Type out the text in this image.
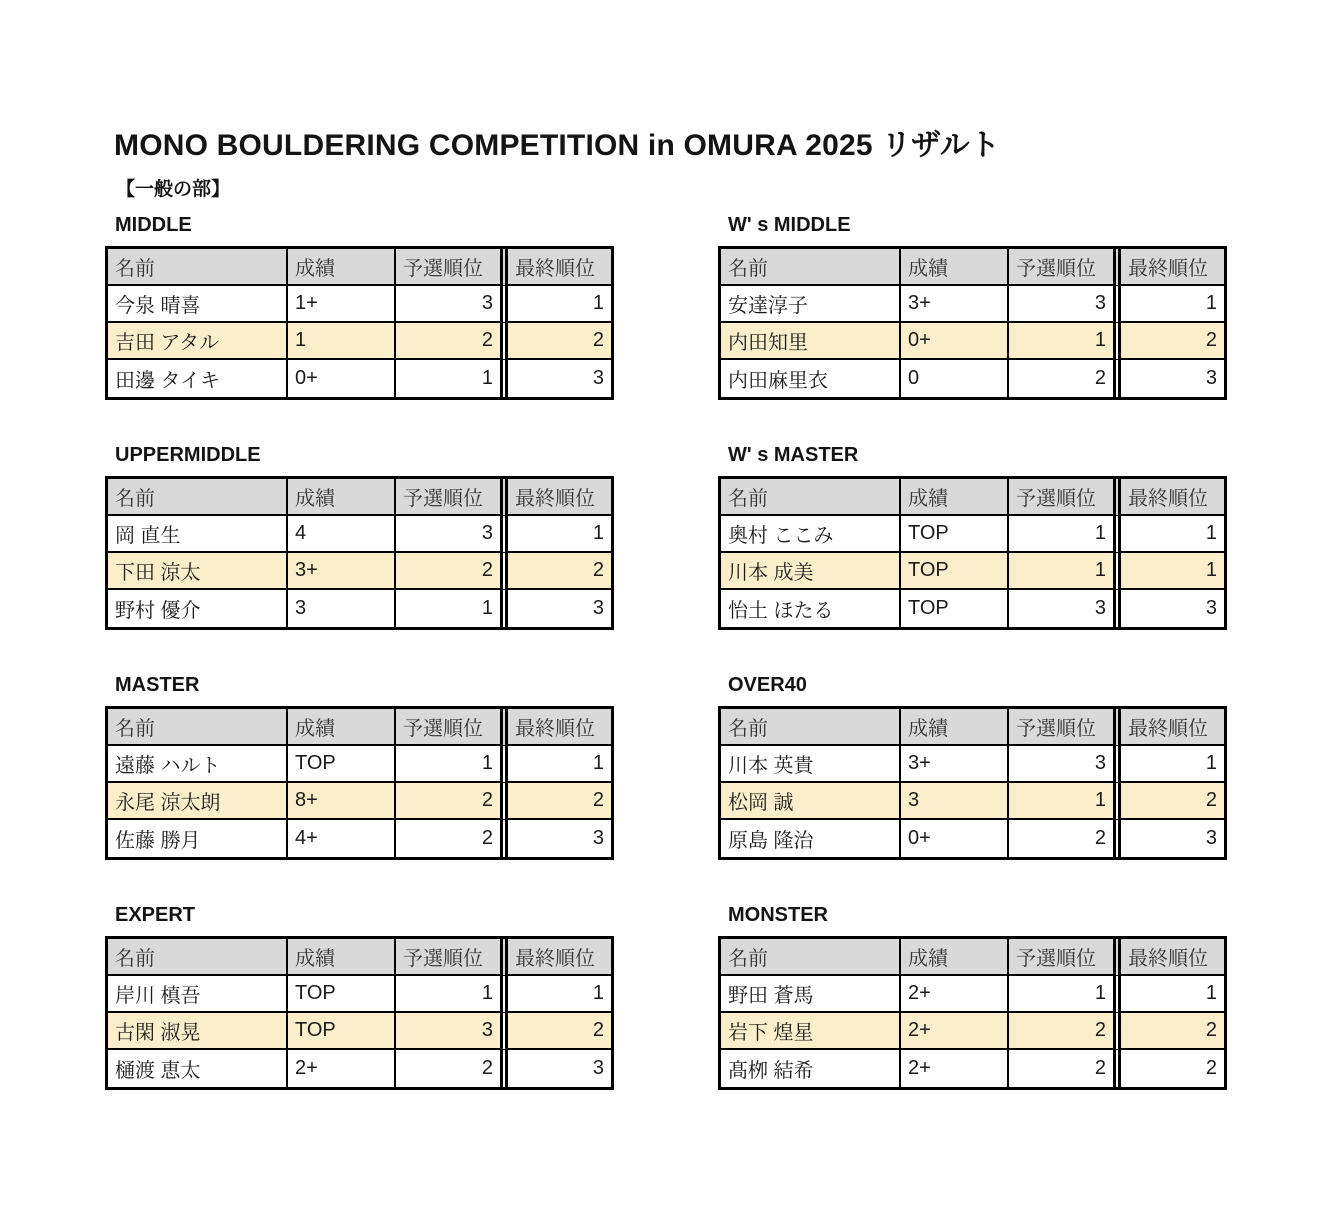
MONO BOULDERING COMPETITION in OMURA 2025 リザルト
【一般の部】
MIDDLE
名前	成績	予選順位	最終順位
今泉 晴喜	1+	3	1
吉田 アタル	1	2	2
田邊 タイキ	0+	1	3
W' s MIDDLE
名前	成績	予選順位	最終順位
安達淳子	3+	3	1
内田知里	0+	1	2
内田麻里衣	0	2	3
UPPERMIDDLE
名前	成績	予選順位	最終順位
岡 直生	4	3	1
下田 涼太	3+	2	2
野村 優介	3	1	3
W' s MASTER
名前	成績	予選順位	最終順位
奥村 ここみ	TOP	1	1
川本 成美	TOP	1	1
怡土 ほたる	TOP	3	3
MASTER
名前	成績	予選順位	最終順位
遠藤 ハルト	TOP	1	1
永尾 涼太朗	8+	2	2
佐藤 勝月	4+	2	3
OVER40
名前	成績	予選順位	最終順位
川本 英貴	3+	3	1
松岡 誠	3	1	2
原島 隆治	0+	2	3
EXPERT
名前	成績	予選順位	最終順位
岸川 槙吾	TOP	1	1
古閑 淑晃	TOP	3	2
樋渡 恵太	2+	2	3
MONSTER
名前	成績	予選順位	最終順位
野田 蒼馬	2+	1	1
岩下 煌星	2+	2	2
髙栁 結希	2+	2	2
